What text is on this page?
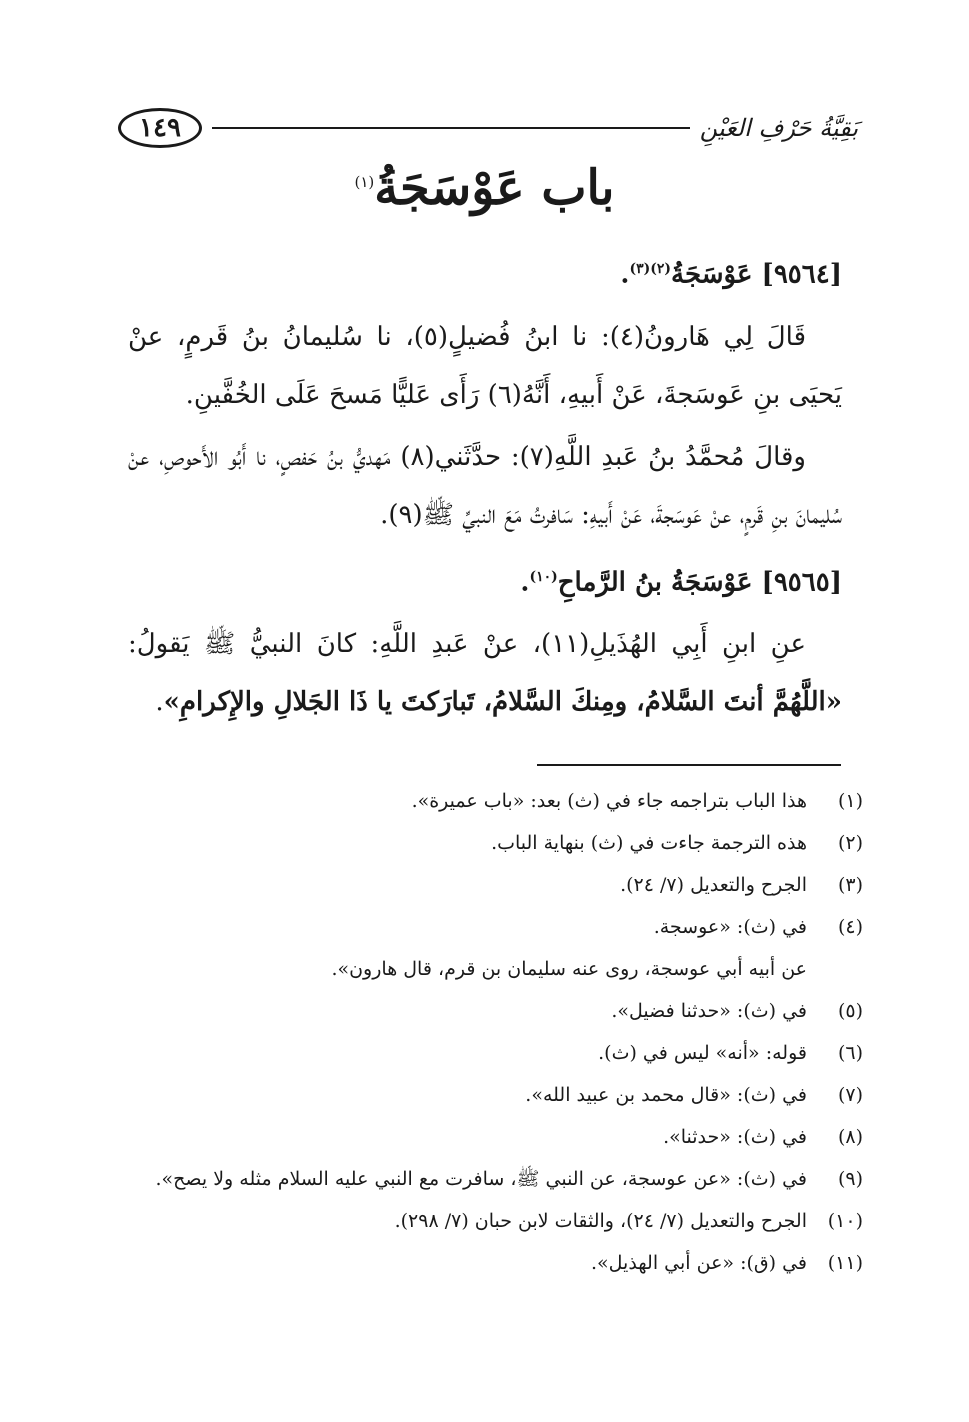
١٤٩	بَقِيَّةُ حَرْفِ العَيْنِ
باب عَوْسَجَةُ$^{(١)}$

[٩٥٦٤] عَوْسَجَةُ$^{(٢)(٣)}$.

قَالَ لِي هَارونُ(٤): نا ابنُ فُضيلٍ(٥)، نا سُليمانُ بنُ قَرمٍ، عنْ يَحيَى بنِ عَوسَجةَ، عَنْ أَبيهِ، أَنَّهُ(٦) رَأَى عَليًّا مَسحَ عَلَى الخُفَّينِ.

وقالَ مُحمَّدُ بنُ عَبدِ اللَّهِ(٧): حدَّثَني(٨) مَهديُّ بنُ حَفصٍ، نا أَبُو الأَحوصِ، عنْ سُليمانَ بنِ قَرمٍ، عنْ عَوسَجةَ، عَنْ أَبيهِ: سَافرتُ مَعَ النبيِّ ﷺ(٩).

[٩٥٦٥] عَوْسَجَةُ بنُ الرَّماحِ$^{(١٠)}$.

عنِ ابنِ أَبِي الهُذَيلِ(١١)، عنْ عَبدِ اللَّهِ: كانَ النبيُّ ﷺ يَقولُ: «اللَّهُمَّ أنتَ السَّلامُ، ومِنكَ السَّلامُ، تَبارَكتَ يا ذَا الجَلالِ والإِكرامِ».

(١)
هذا الباب بتراجمه جاء في (ث) بعد: «باب عميرة».
(٢)
هذه الترجمة جاءت في (ث) بنهاية الباب.
(٣)
الجرح والتعديل (٧/ ٢٤).
(٤)
في (ث): «عوسجة.
عن أبيه أبي عوسجة، روى عنه سليمان بن قرم، قال هارون».
(٥)
في (ث): «حدثنا فضيل».
(٦)
قوله: «أنه» ليس في (ث).
(٧)
في (ث): «قال محمد بن عبيد الله».
(٨)
في (ث): «حدثنا».
(٩)
في (ث): «عن عوسجة، عن النبي ﷺ، سافرت مع النبي عليه السلام مثله ولا يصح».
(١٠)
الجرح والتعديل (٧/ ٢٤)، والثقات لابن حبان (٧/ ٢٩٨).
(١١)
في (ق): «عن أبي الهذيل».
